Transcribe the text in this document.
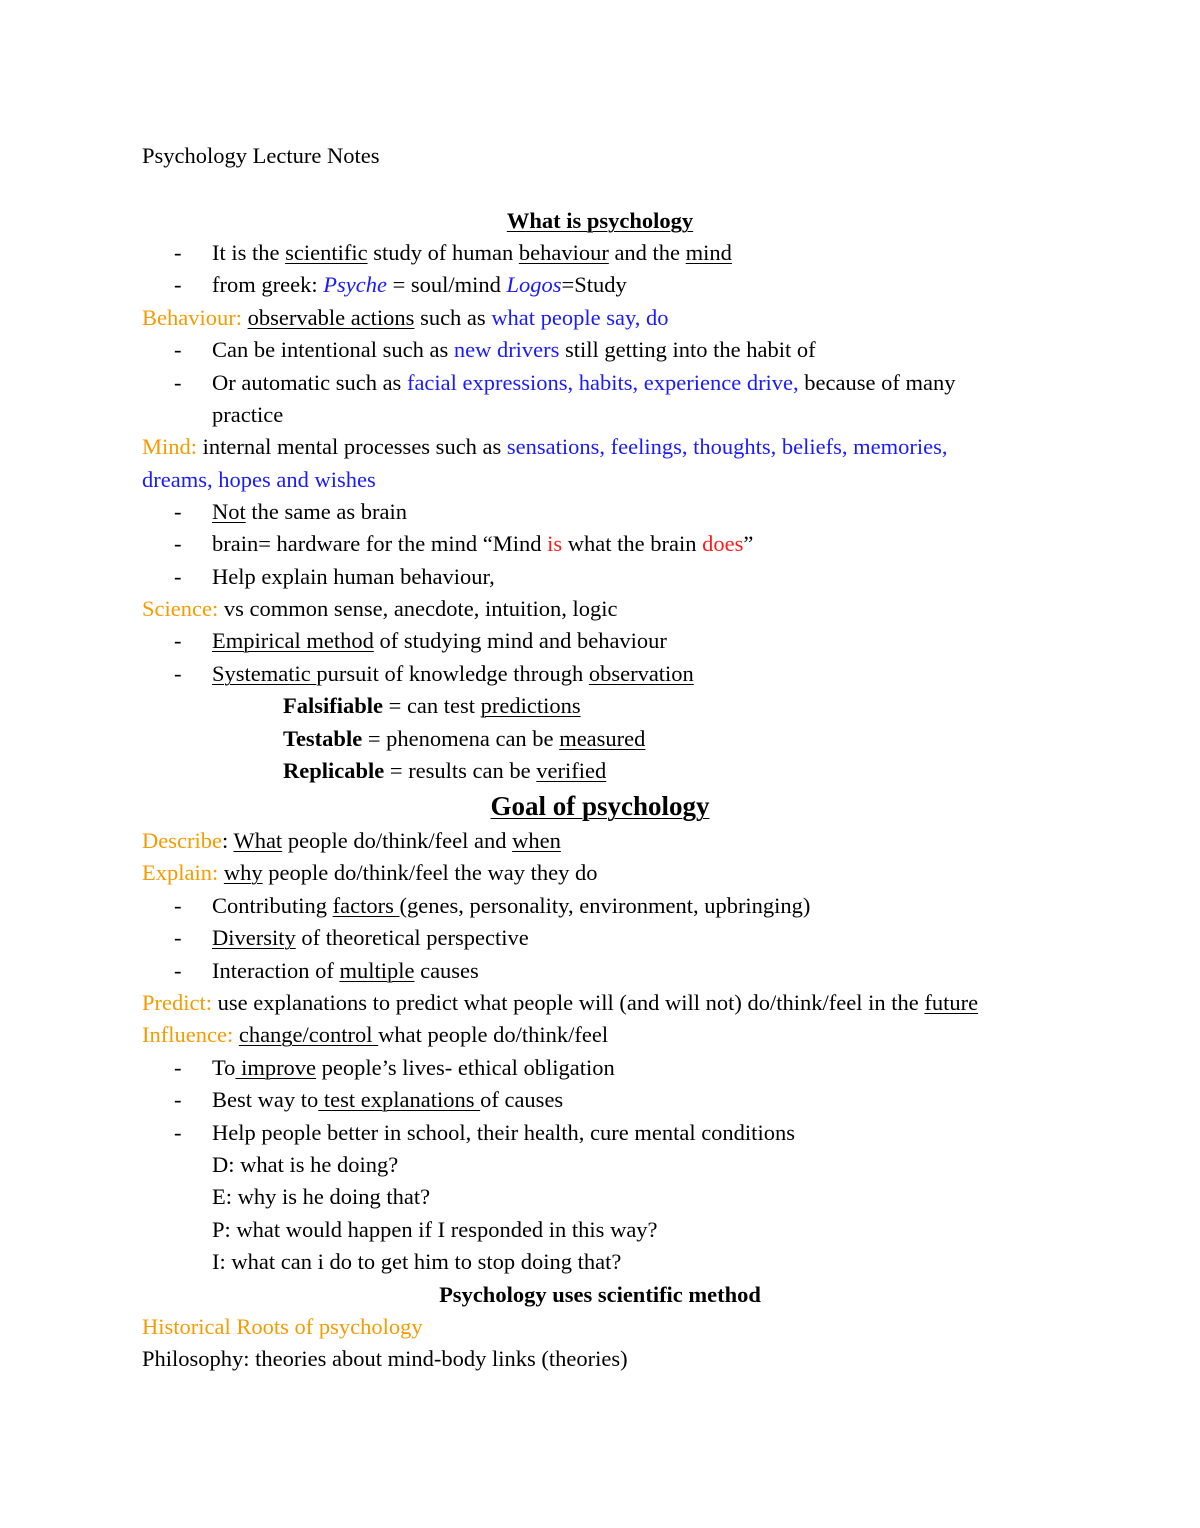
Psychology Lecture Notes
What is psychology
- It is the scientific study of human behaviour and the mind
- from greek: Psyche = soul/mind Logos=Study
Behaviour: observable actions such as what people say, do
- Can be intentional such as new drivers still getting into the habit of
- Or automatic such as facial expressions, habits, experience drive, because of many
practice
Mind: internal mental processes such as sensations, feelings, thoughts, beliefs, memories,
dreams, hopes and wishes
- Not the same as brain
- brain= hardware for the mind “Mind is what the brain does”
- Help explain human behaviour,
Science: vs common sense, anecdote, intuition, logic
- Empirical method of studying mind and behaviour
- Systematic pursuit of knowledge through observation
Falsifiable = can test predictions
Testable = phenomena can be measured
Replicable = results can be verified
Goal of psychology
Describe: What people do/think/feel and when
Explain: why people do/think/feel the way they do
- Contributing factors (genes, personality, environment, upbringing)
- Diversity of theoretical perspective
- Interaction of multiple causes
Predict: use explanations to predict what people will (and will not) do/think/feel in the future
Influence: change/control what people do/think/feel
- To improve people’s lives- ethical obligation
- Best way to test explanations of causes
- Help people better in school, their health, cure mental conditions
D: what is he doing?
E: why is he doing that?
P: what would happen if I responded in this way?
I: what can i do to get him to stop doing that?
Psychology uses scientific method
Historical Roots of psychology
Philosophy: theories about mind-body links (theories)
